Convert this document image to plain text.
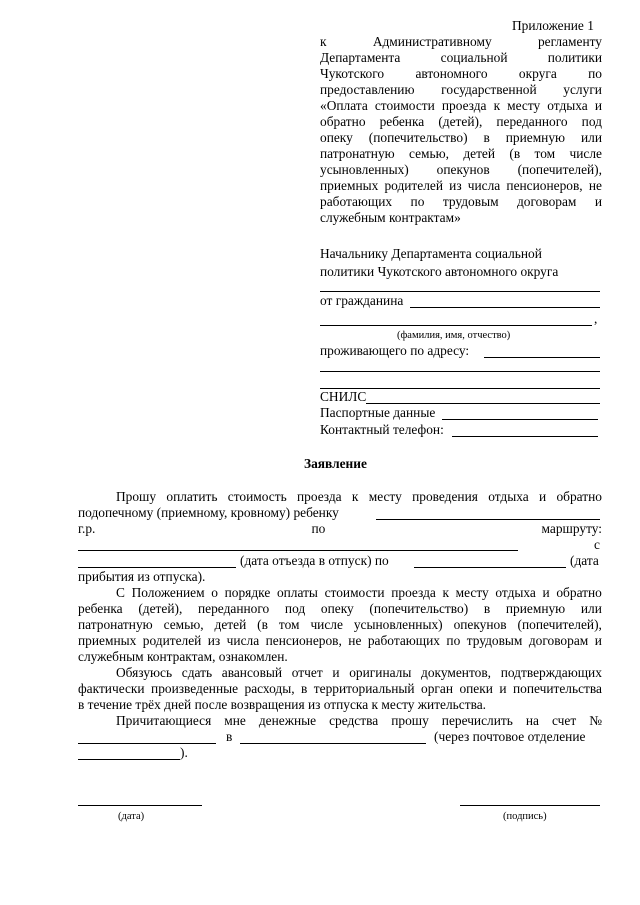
Приложение 1
к	Административному	регламенту
Департамента	социальной	политики
Чукотского автономного округа по
предоставлению государственной услуги
«Оплата стоимости проезда к месту отдыха и
обратно ребенка (детей), переданного под
опеку (попечительство) в приемную или
патронатную семью, детей (в том числе
усыновленных) опекунов (попечителей),
приемных родителей из числа пенсионеров, не
работающих по трудовым договорам и
служебным контрактам»
Начальнику Департамента социальной
политики Чукотского автономного округа
от гражданина
,
(фамилия, имя, отчество)
проживающего по адресу:
СНИЛС
Паспортные данные
Контактный телефон:
Заявление
Прошу оплатить стоимость проезда к месту проведения отдыха и обратно
подопечному (приемному, кровному) ребенку
г.р.	по	маршруту:
с
(дата отъезда в отпуск) по	(дата
прибытия из отпуска).
С Положением о порядке оплаты стоимости проезда к месту отдыха и обратно
ребенка (детей), переданного под опеку (попечительство) в приемную или
патронатную семью, детей (в том числе усыновленных) опекунов (попечителей),
приемных родителей из числа пенсионеров, не работающих по трудовым договорам и
служебным контрактам, ознакомлен.
Обязуюсь сдать авансовый отчет и оригиналы документов, подтверждающих
фактически произведенные расходы, в территориальный орган опеки и попечительства
в течение трёх дней после возвращения из отпуска к месту жительства.
Причитающиеся мне денежные средства прошу перечислить на счет №
в	(через почтовое отделение
).
(дата)	(подпись)
